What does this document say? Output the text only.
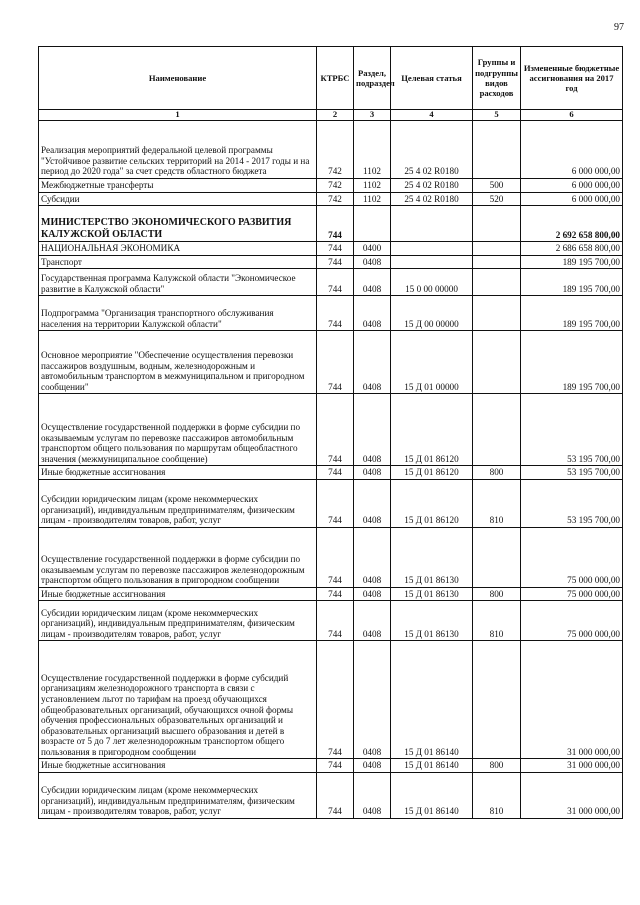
97
Наименование	КТРБС	Раздел, подраздел	Целевая статья	Группы и подгруппы видов расходов	Измененные бюджетные ассигнования на 2017 год
1	2	3	4	5	6
Реализация мероприятий федеральной целевой программы "Устойчивое развитие сельских территорий на 2014 - 2017 годы и на период до 2020 года" за счет средств областного бюджета	742	1102	25 4 02 R0180		6 000 000,00
Межбюджетные трансферты	742	1102	25 4 02 R0180	500	6 000 000,00
Субсидии	742	1102	25 4 02 R0180	520	6 000 000,00
МИНИСТЕРСТВО ЭКОНОМИЧЕСКОГО РАЗВИТИЯ КАЛУЖСКОЙ ОБЛАСТИ	744				2 692 658 800,00
НАЦИОНАЛЬНАЯ ЭКОНОМИКА	744	0400			2 686 658 800,00
Транспорт	744	0408			189 195 700,00
Государственная программа Калужской области "Экономическое развитие в Калужской области"	744	0408	15 0 00 00000		189 195 700,00
Подпрограмма "Организация транспортного обслуживания населения на территории Калужской области"	744	0408	15 Д 00 00000		189 195 700,00
Основное мероприятие "Обеспечение осуществления перевозки пассажиров воздушным, водным, железнодорожным и автомобильным транспортом в межмуниципальном и пригородном сообщении"	744	0408	15 Д 01 00000		189 195 700,00
Осуществление государственной поддержки в форме субсидии по оказываемым услугам по перевозке пассажиров автомобильным транспортом общего пользования по маршрутам общеобластного значения (межмуниципальное сообщение)	744	0408	15 Д 01 86120		53 195 700,00
Иные бюджетные ассигнования	744	0408	15 Д 01 86120	800	53 195 700,00
Субсидии юридическим лицам (кроме некоммерческих организаций), индивидуальным предпринимателям, физическим лицам - производителям товаров, работ, услуг	744	0408	15 Д 01 86120	810	53 195 700,00
Осуществление государственной поддержки в форме субсидии по оказываемым услугам по перевозке пассажиров железнодорожным транспортом общего пользования в пригородном сообщении	744	0408	15 Д 01 86130		75 000 000,00
Иные бюджетные ассигнования	744	0408	15 Д 01 86130	800	75 000 000,00
Субсидии юридическим лицам (кроме некоммерческих организаций), индивидуальным предпринимателям, физическим лицам - производителям товаров, работ, услуг	744	0408	15 Д 01 86130	810	75 000 000,00
Осуществление государственной поддержки в форме субсидий организациям железнодорожного транспорта в связи с установлением льгот по тарифам на проезд обучающихся общеобразовательных организаций, обучающихся очной формы обучения профессиональных образовательных организаций и образовательных организаций высшего образования и детей в возрасте от 5 до 7 лет железнодорожным транспортом общего пользования в пригородном сообщении	744	0408	15 Д 01 86140		31 000 000,00
Иные бюджетные ассигнования	744	0408	15 Д 01 86140	800	31 000 000,00
Субсидии юридическим лицам (кроме некоммерческих организаций), индивидуальным предпринимателям, физическим лицам - производителям товаров, работ, услуг	744	0408	15 Д 01 86140	810	31 000 000,00
